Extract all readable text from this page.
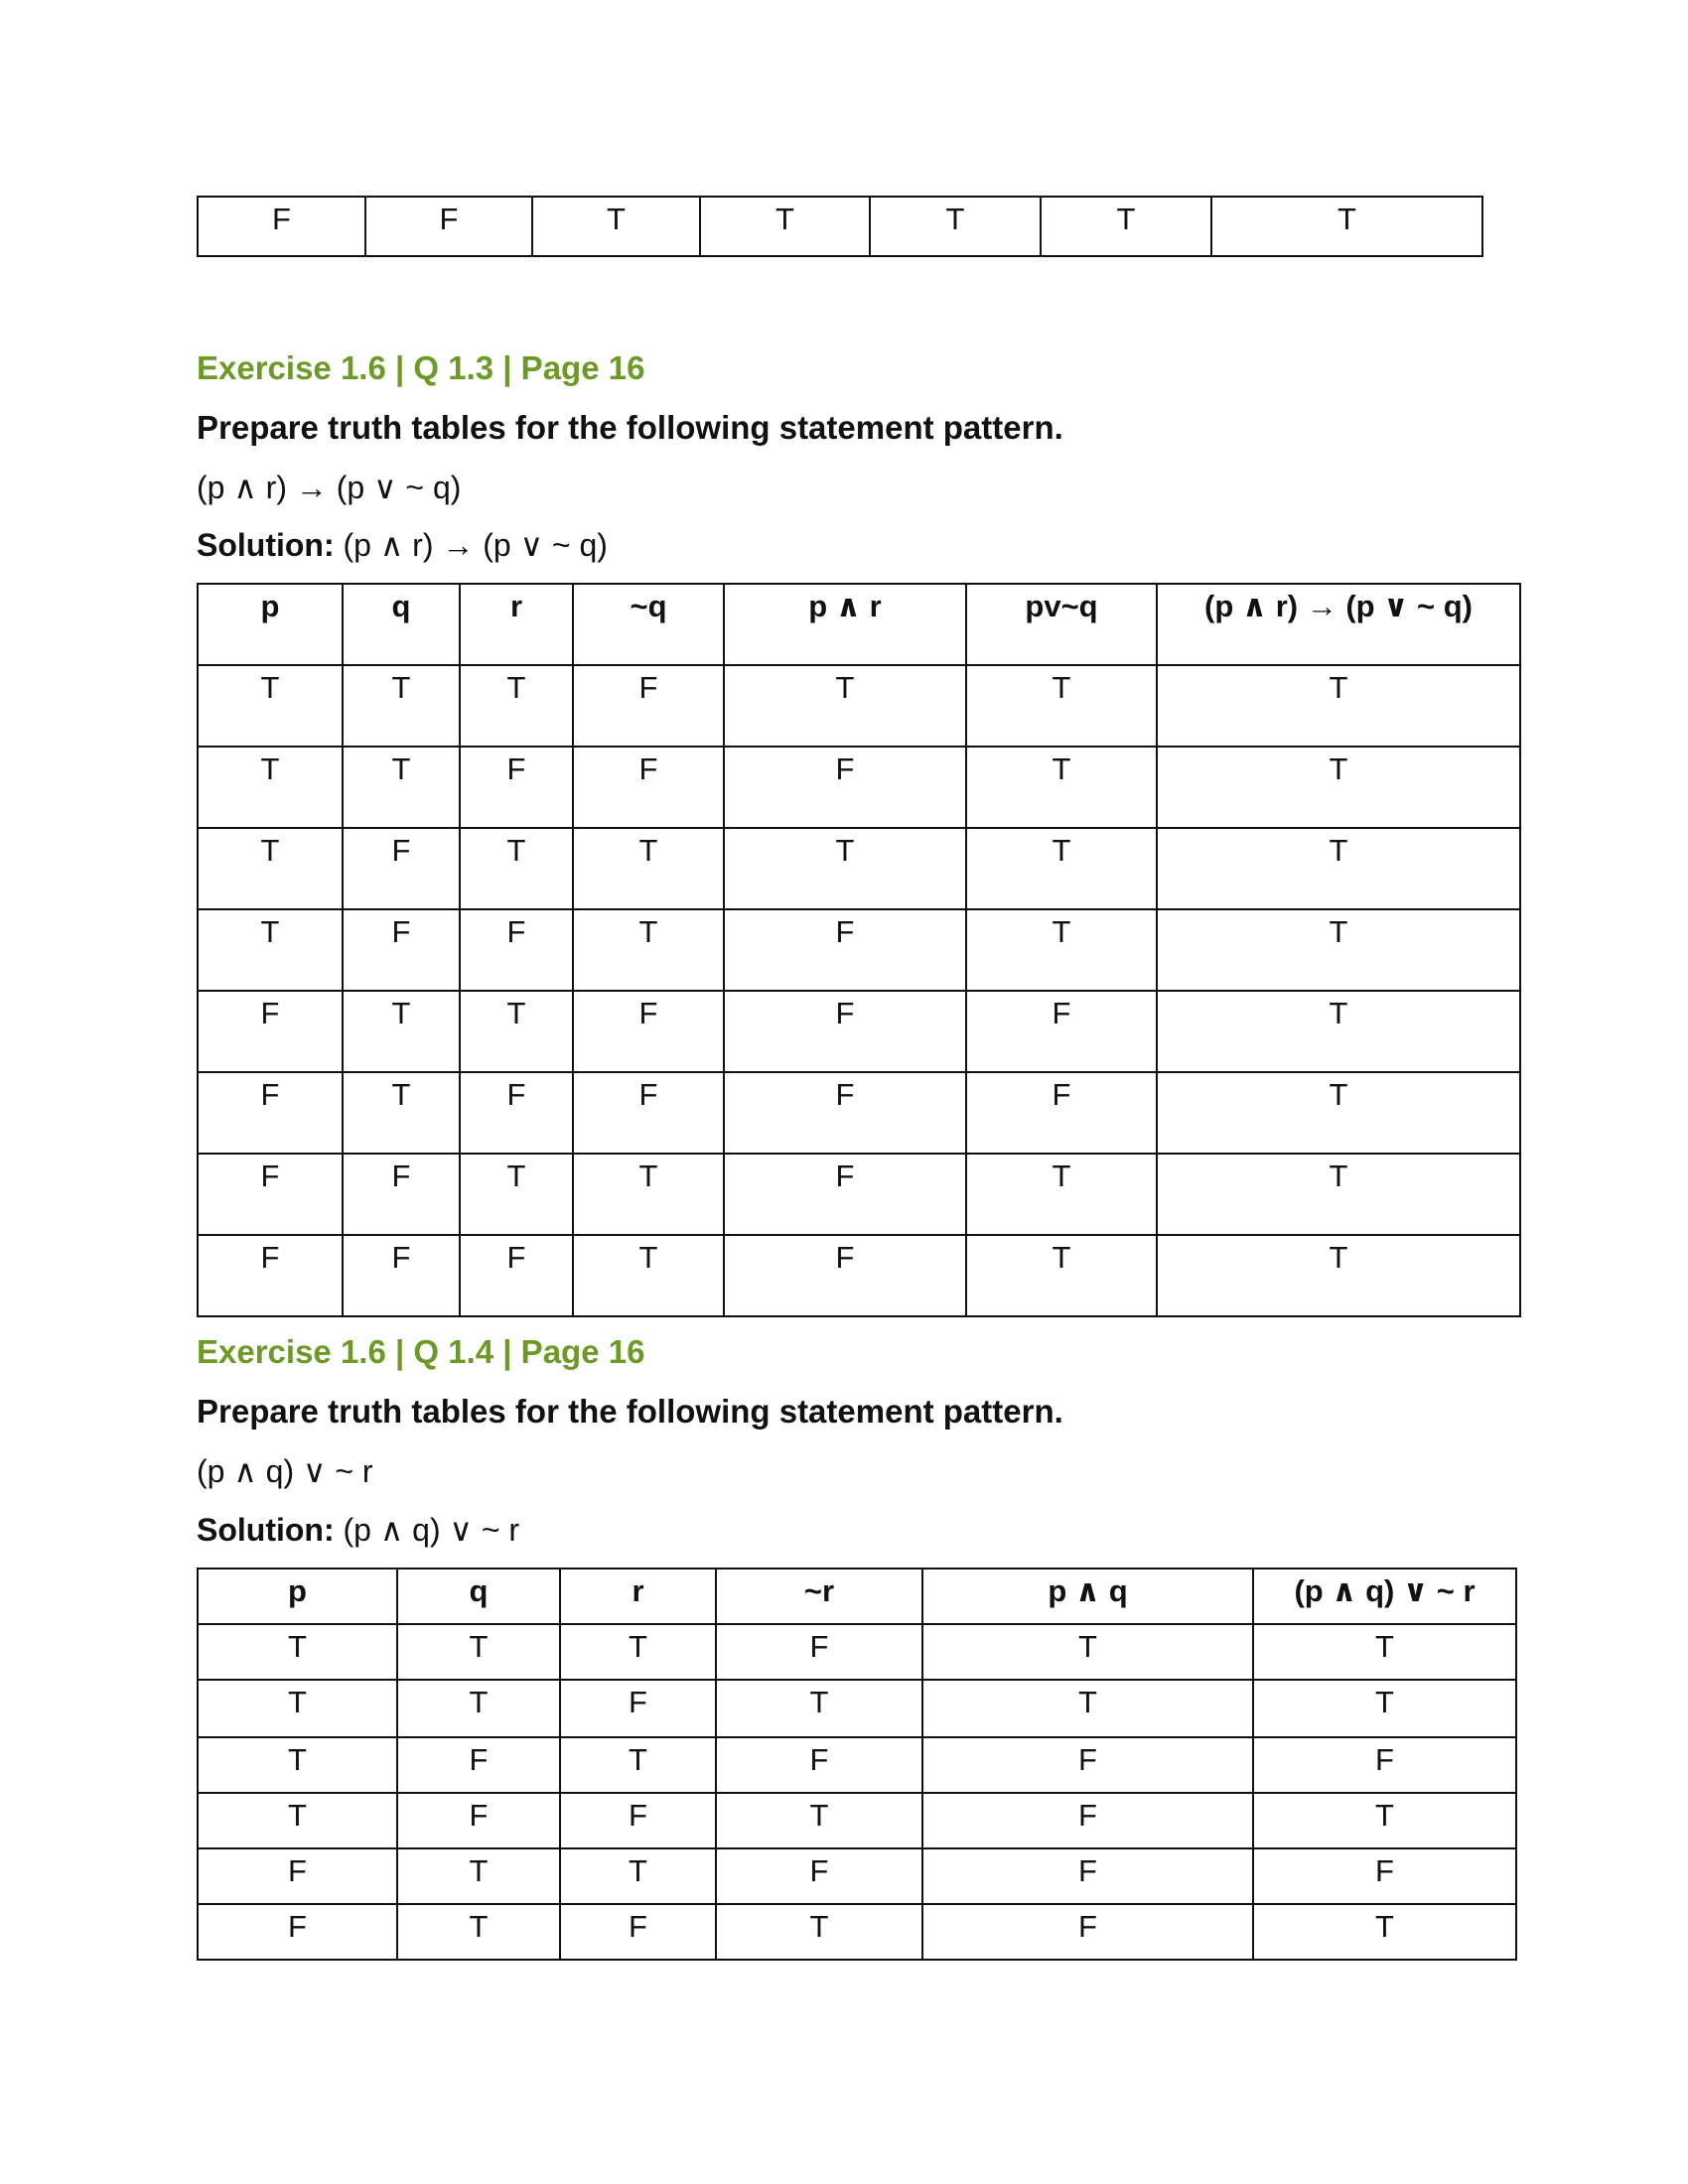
F	F	T	T	T	T	T
Exercise 1.6 | Q 1.3 | Page 16
Prepare truth tables for the following statement pattern.
(p ∧ r) → (p ∨ ~ q)
Solution: (p ∧ r) → (p ∨ ~ q)
p	q	r	~q	p ∧ r	pv~q	(p ∧ r) → (p ∨ ~ q)
T	T	T	F	T	T	T
T	T	F	F	F	T	T
T	F	T	T	T	T	T
T	F	F	T	F	T	T
F	T	T	F	F	F	T
F	T	F	F	F	F	T
F	F	T	T	F	T	T
F	F	F	T	F	T	T
Exercise 1.6 | Q 1.4 | Page 16
Prepare truth tables for the following statement pattern.
(p ∧ q) ∨ ~ r
Solution: (p ∧ q) ∨ ~ r
p	q	r	~r	p ∧ q	(p ∧ q) ∨ ~ r
T	T	T	F	T	T
T	T	F	T	T	T
T	F	T	F	F	F
T	F	F	T	F	T
F	T	T	F	F	F
F	T	F	T	F	T
